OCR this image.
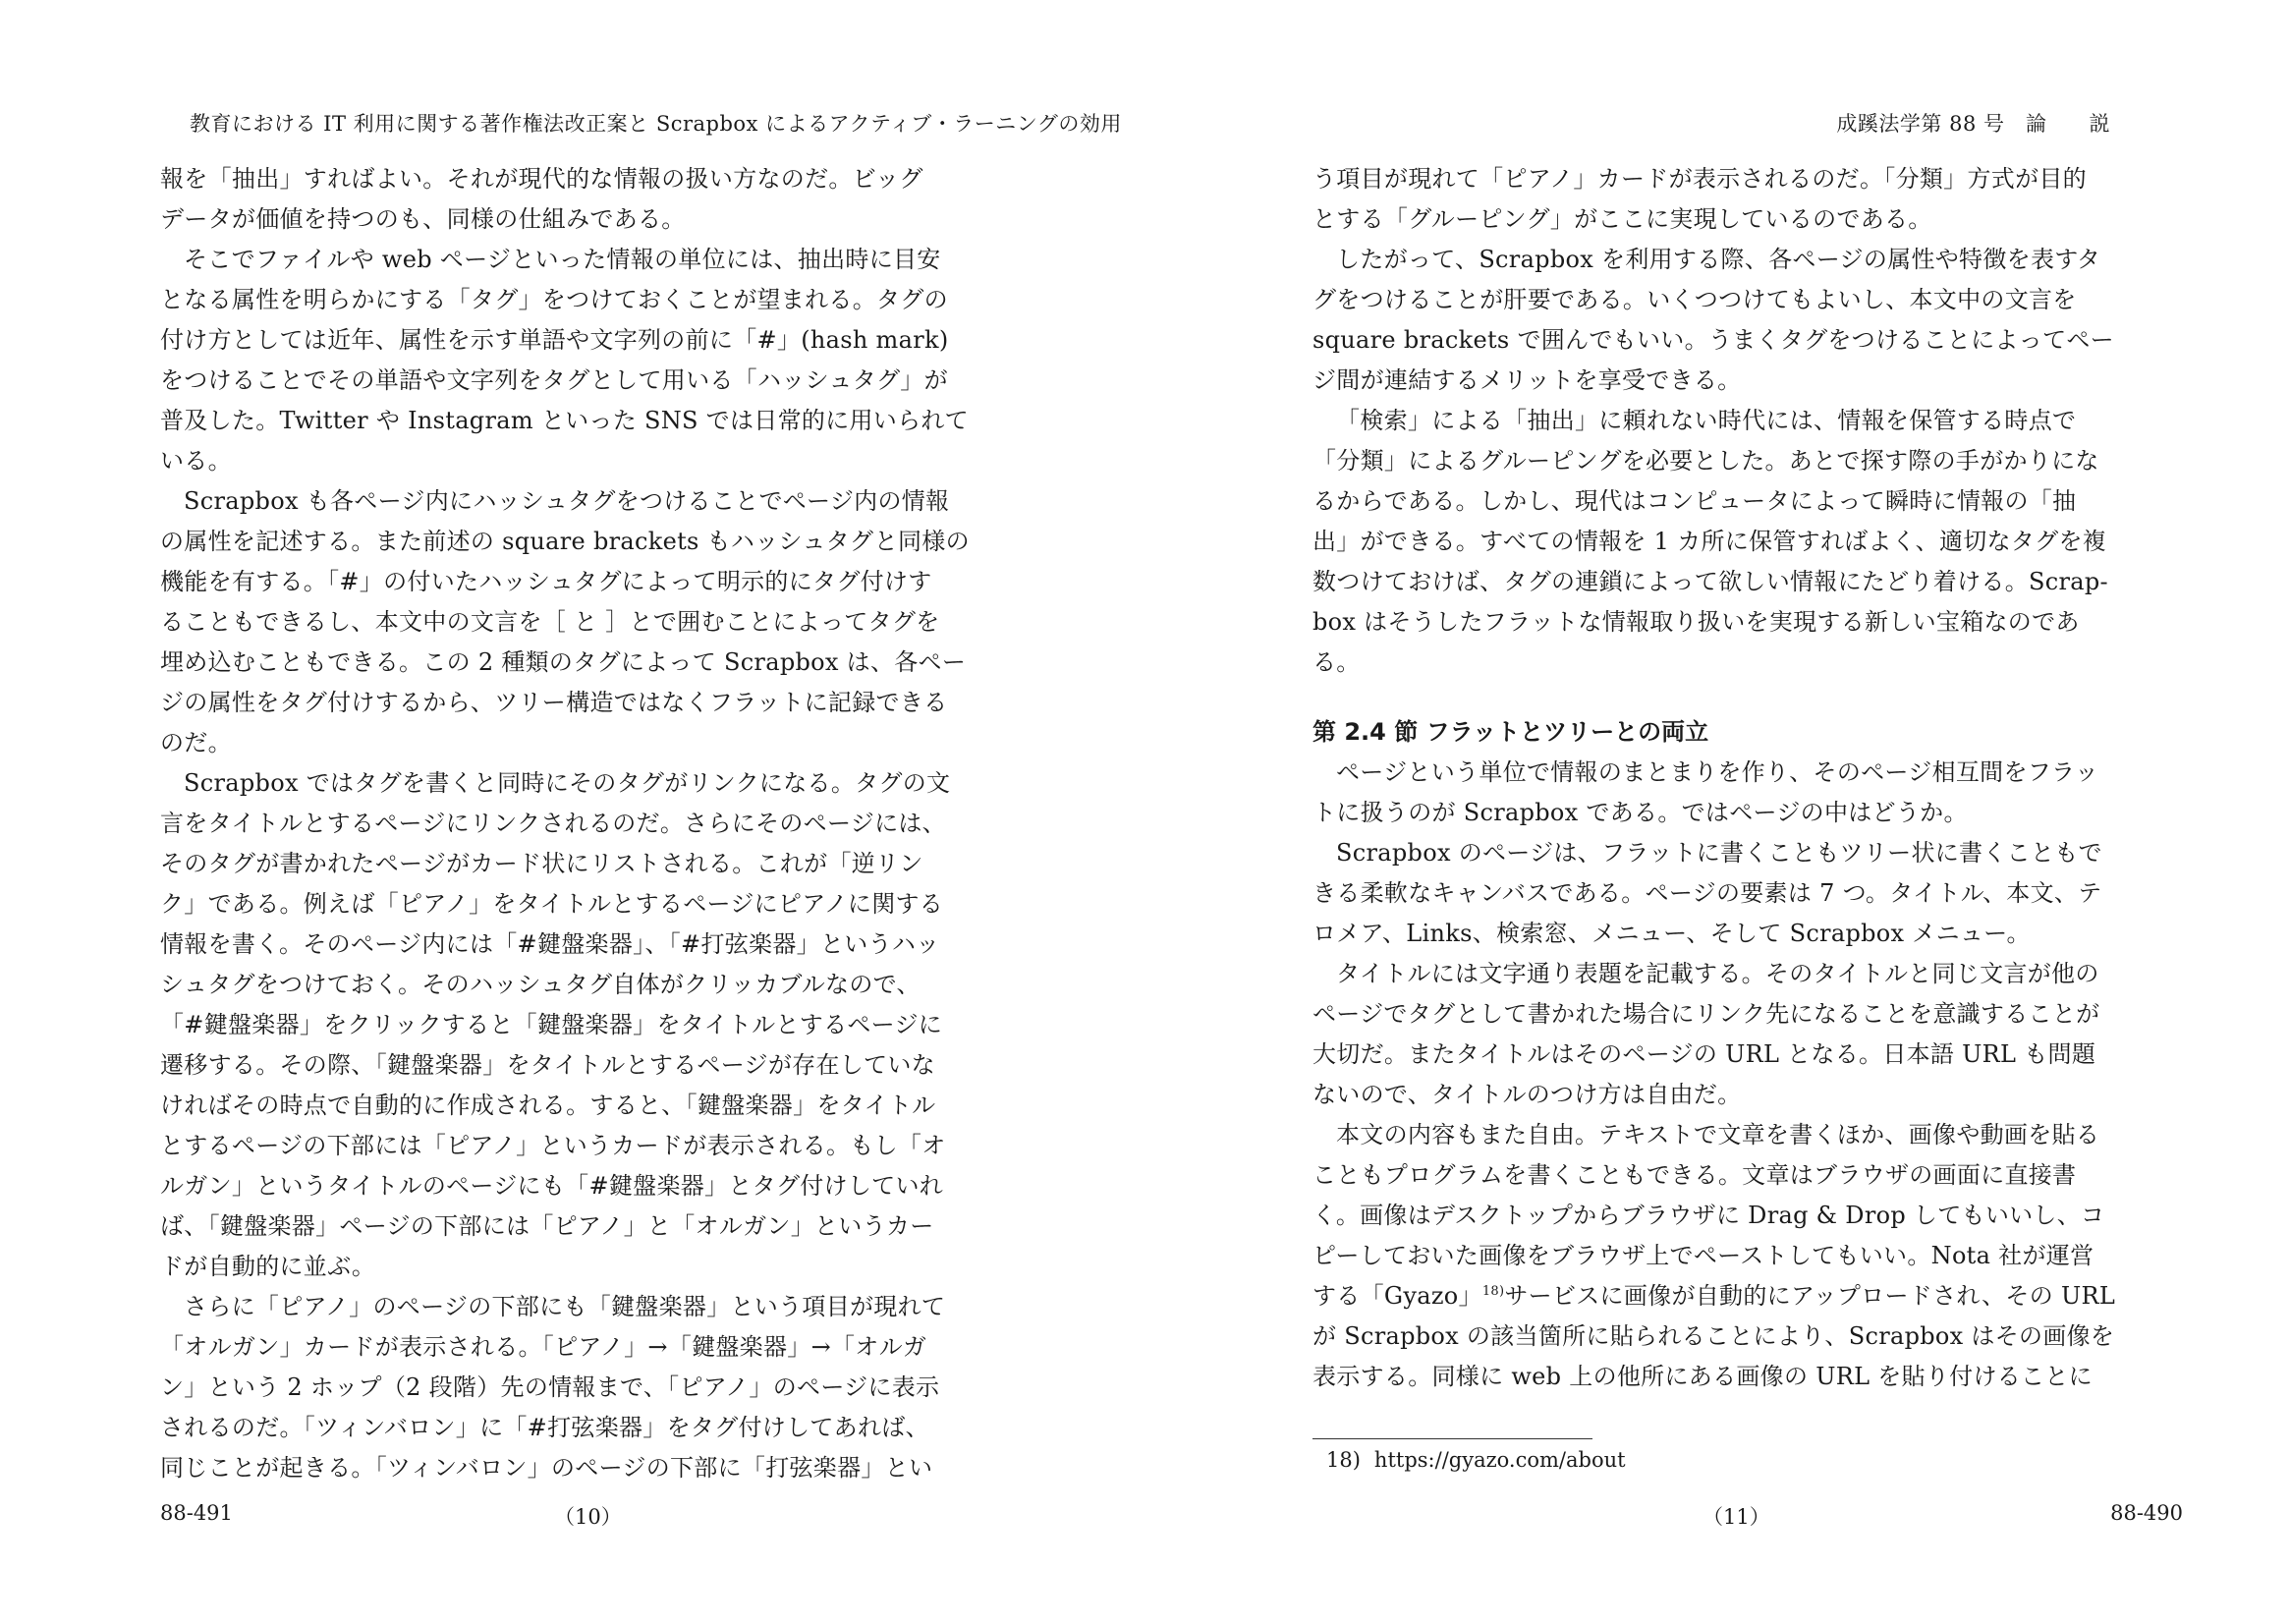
教育における IT 利用に関する著作権法改正案と Scrapbox によるアクティブ・ラーニングの効用
報を「抽出」すればよい。それが現代的な情報の扱い方なのだ。ビッグ
データが価値を持つのも、同様の仕組みである。
そこでファイルや web ページといった情報の単位には、抽出時に目安
となる属性を明らかにする「タグ」をつけておくことが望まれる。タグの
付け方としては近年、属性を示す単語や文字列の前に「#」(hash mark)
をつけることでその単語や文字列をタグとして用いる「ハッシュタグ」が
普及した。Twitter や Instagram といった SNS では日常的に用いられて
いる。
Scrapbox も各ページ内にハッシュタグをつけることでページ内の情報
の属性を記述する。また前述の square brackets もハッシュタグと同様の
機能を有する。「#」の付いたハッシュタグによって明示的にタグ付けす
ることもできるし、本文中の文言を［ と ］とで囲むことによってタグを
埋め込むこともできる。この 2 種類のタグによって Scrapbox は、各ペー
ジの属性をタグ付けするから、ツリー構造ではなくフラットに記録できる
のだ。
Scrapbox ではタグを書くと同時にそのタグがリンクになる。タグの文
言をタイトルとするページにリンクされるのだ。さらにそのページには、
そのタグが書かれたページがカード状にリストされる。これが「逆リン
ク」である。例えば「ピアノ」をタイトルとするページにピアノに関する
情報を書く。そのページ内には「#鍵盤楽器」、「#打弦楽器」というハッ
シュタグをつけておく。そのハッシュタグ自体がクリッカブルなので、
「#鍵盤楽器」をクリックすると「鍵盤楽器」をタイトルとするページに
遷移する。その際、「鍵盤楽器」をタイトルとするページが存在していな
ければその時点で自動的に作成される。すると、「鍵盤楽器」をタイトル
とするページの下部には「ピアノ」というカードが表示される。もし「オ
ルガン」というタイトルのページにも「#鍵盤楽器」とタグ付けしていれ
ば、「鍵盤楽器」ページの下部には「ピアノ」と「オルガン」というカー
ドが自動的に並ぶ。
さらに「ピアノ」のページの下部にも「鍵盤楽器」という項目が現れて
「オルガン」カードが表示される。「ピアノ」→「鍵盤楽器」→「オルガ
ン」という 2 ホップ（2 段階）先の情報まで、「ピアノ」のページに表示
されるのだ。「ツィンバロン」に「#打弦楽器」をタグ付けしてあれば、
同じことが起きる。「ツィンバロン」のページの下部に「打弦楽器」とい
88-491	（10）
成蹊法学第 88 号　論　　説
う項目が現れて「ピアノ」カードが表示されるのだ。「分類」方式が目的
とする「グルーピング」がここに実現しているのである。
したがって、Scrapbox を利用する際、各ページの属性や特徴を表すタ
グをつけることが肝要である。いくつつけてもよいし、本文中の文言を
square brackets で囲んでもいい。うまくタグをつけることによってペー
ジ間が連結するメリットを享受できる。
「検索」による「抽出」に頼れない時代には、情報を保管する時点で
「分類」によるグルーピングを必要とした。あとで探す際の手がかりにな
るからである。しかし、現代はコンピュータによって瞬時に情報の「抽
出」ができる。すべての情報を 1 カ所に保管すればよく、適切なタグを複
数つけておけば、タグの連鎖によって欲しい情報にたどり着ける。Scrap-
box はそうしたフラットな情報取り扱いを実現する新しい宝箱なのであ
る。
第 2.4 節 フラットとツリーとの両立
ページという単位で情報のまとまりを作り、そのページ相互間をフラッ
トに扱うのが Scrapbox である。ではページの中はどうか。
Scrapbox のページは、フラットに書くこともツリー状に書くこともで
きる柔軟なキャンバスである。ページの要素は 7 つ。タイトル、本文、テ
ロメア、Links、検索窓、メニュー、そして Scrapbox メニュー。
タイトルには文字通り表題を記載する。そのタイトルと同じ文言が他の
ページでタグとして書かれた場合にリンク先になることを意識することが
大切だ。またタイトルはそのページの URL となる。日本語 URL も問題
ないので、タイトルのつけ方は自由だ。
本文の内容もまた自由。テキストで文章を書くほか、画像や動画を貼る
こともプログラムを書くこともできる。文章はブラウザの画面に直接書
く。画像はデスクトップからブラウザに Drag & Drop してもいいし、コ
ピーしておいた画像をブラウザ上でペーストしてもいい。Nota 社が運営
する「Gyazo」$^{18)}$サービスに画像が自動的にアップロードされ、その URL
が Scrapbox の該当箇所に貼られることにより、Scrapbox はその画像を
表示する。同様に web 上の他所にある画像の URL を貼り付けることに
（11）	88-490
18) https://gyazo.com/about
